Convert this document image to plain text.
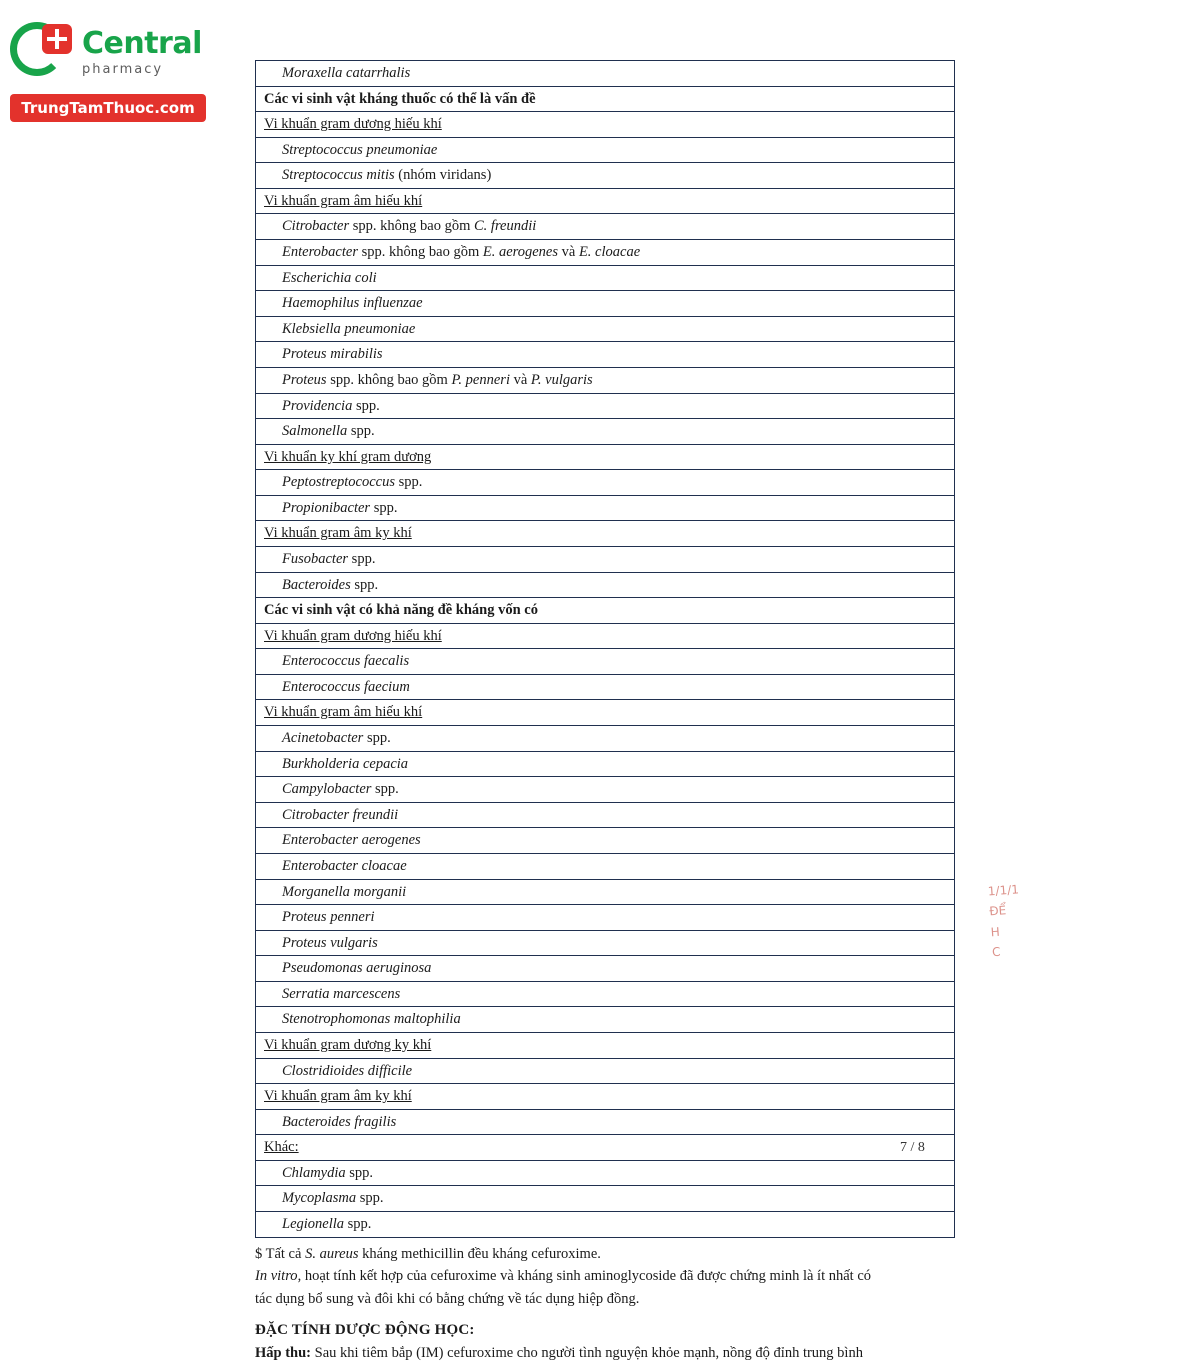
Central
pharmacy
TrungTamThuoc.com
Moraxella catarrhalis
Các vi sinh vật kháng thuốc có thể là vấn đề
Vi khuẩn gram dương hiếu khí
Streptococcus pneumoniae
Streptococcus mitis (nhóm viridans)
Vi khuẩn gram âm hiếu khí
Citrobacter spp. không bao gồm C. freundii
Enterobacter spp. không bao gồm E. aerogenes và E. cloacae
Escherichia coli
Haemophilus influenzae
Klebsiella pneumoniae
Proteus mirabilis
Proteus spp. không bao gồm P. penneri và P. vulgaris
Providencia spp.
Salmonella spp.
Vi khuẩn ky khí gram dương
Peptostreptococcus spp.
Propionibacter spp.
Vi khuẩn gram âm ky khí
Fusobacter spp.
Bacteroides spp.
Các vi sinh vật có khả năng đề kháng vốn có
Vi khuẩn gram dương hiếu khí
Enterococcus faecalis
Enterococcus faecium
Vi khuẩn gram âm hiếu khí
Acinetobacter spp.
Burkholderia cepacia
Campylobacter spp.
Citrobacter freundii
Enterobacter aerogenes
Enterobacter cloacae
Morganella morganii
Proteus penneri
Proteus vulgaris
Pseudomonas aeruginosa
Serratia marcescens
Stenotrophomonas maltophilia
Vi khuẩn gram dương ky khí
Clostridioides difficile
Vi khuẩn gram âm ky khí
Bacteroides fragilis
Khác:
Chlamydia spp.
Mycoplasma spp.
Legionella spp.

$ Tất cả S. aureus kháng methicillin đều kháng cefuroxime.

In vitro, hoạt tính kết hợp của cefuroxime và kháng sinh aminoglycoside đã được chứng minh là ít nhất có

tác dụng bổ sung và đôi khi có bằng chứng về tác dụng hiệp đồng.

ĐẶC TÍNH DƯỢC ĐỘNG HỌC:
Hấp thu: Sau khi tiêm bắp (IM) cefuroxime cho người tình nguyện khỏe mạnh, nồng độ đỉnh trung bình
1/1/1
ĐỂ
H
C
7 / 8
